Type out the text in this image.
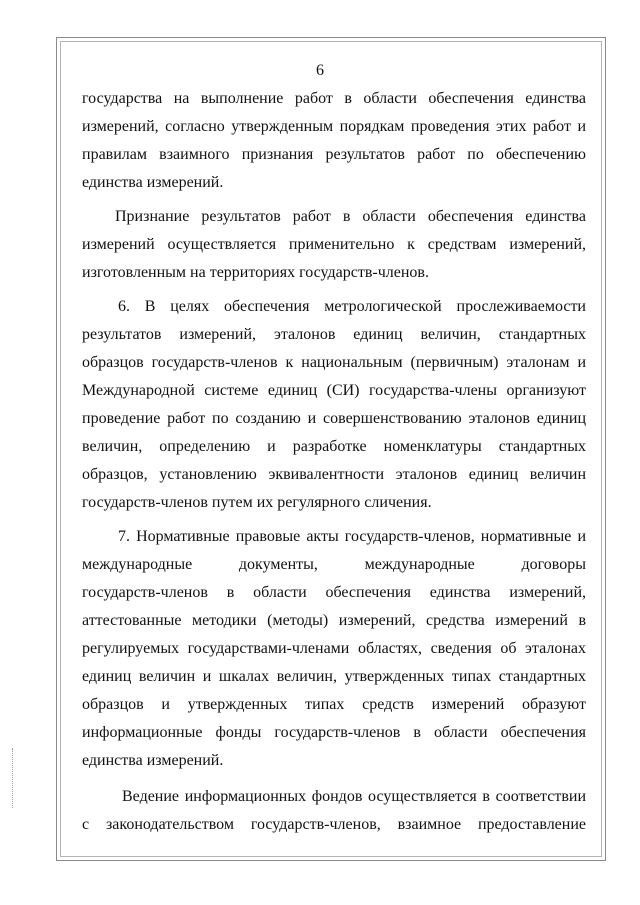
6
государства на выполнение работ в области обеспечения единства
измерений, согласно утвержденным порядкам проведения этих работ и
правилам взаимного признания результатов работ по обеспечению
единства измерений.
Признание результатов работ в области обеспечения единства
измерений осуществляется применительно к средствам измерений,
изготовленным на территориях государств-членов.
6. В целях обеспечения метрологической прослеживаемости
результатов измерений, эталонов единиц величин, стандартных
образцов государств-членов к национальным (первичным) эталонам и
Международной системе единиц (СИ) государства-члены организуют
проведение работ по созданию и совершенствованию эталонов единиц
величин, определению и разработке номенклатуры стандартных
образцов, установлению эквивалентности эталонов единиц величин
государств-членов путем их регулярного сличения.
7. Нормативные правовые акты государств-членов, нормативные и
международные документы, международные договоры
государств-членов в области обеспечения единства измерений,
аттестованные методики (методы) измерений, средства измерений в
регулируемых государствами-членами областях, сведения об эталонах
единиц величин и шкалах величин, утвержденных типах стандартных
образцов и утвержденных типах средств измерений образуют
информационные фонды государств-членов в области обеспечения
единства измерений.
Ведение информационных фондов осуществляется в соответствии
с законодательством государств-членов, взаимное предоставление
